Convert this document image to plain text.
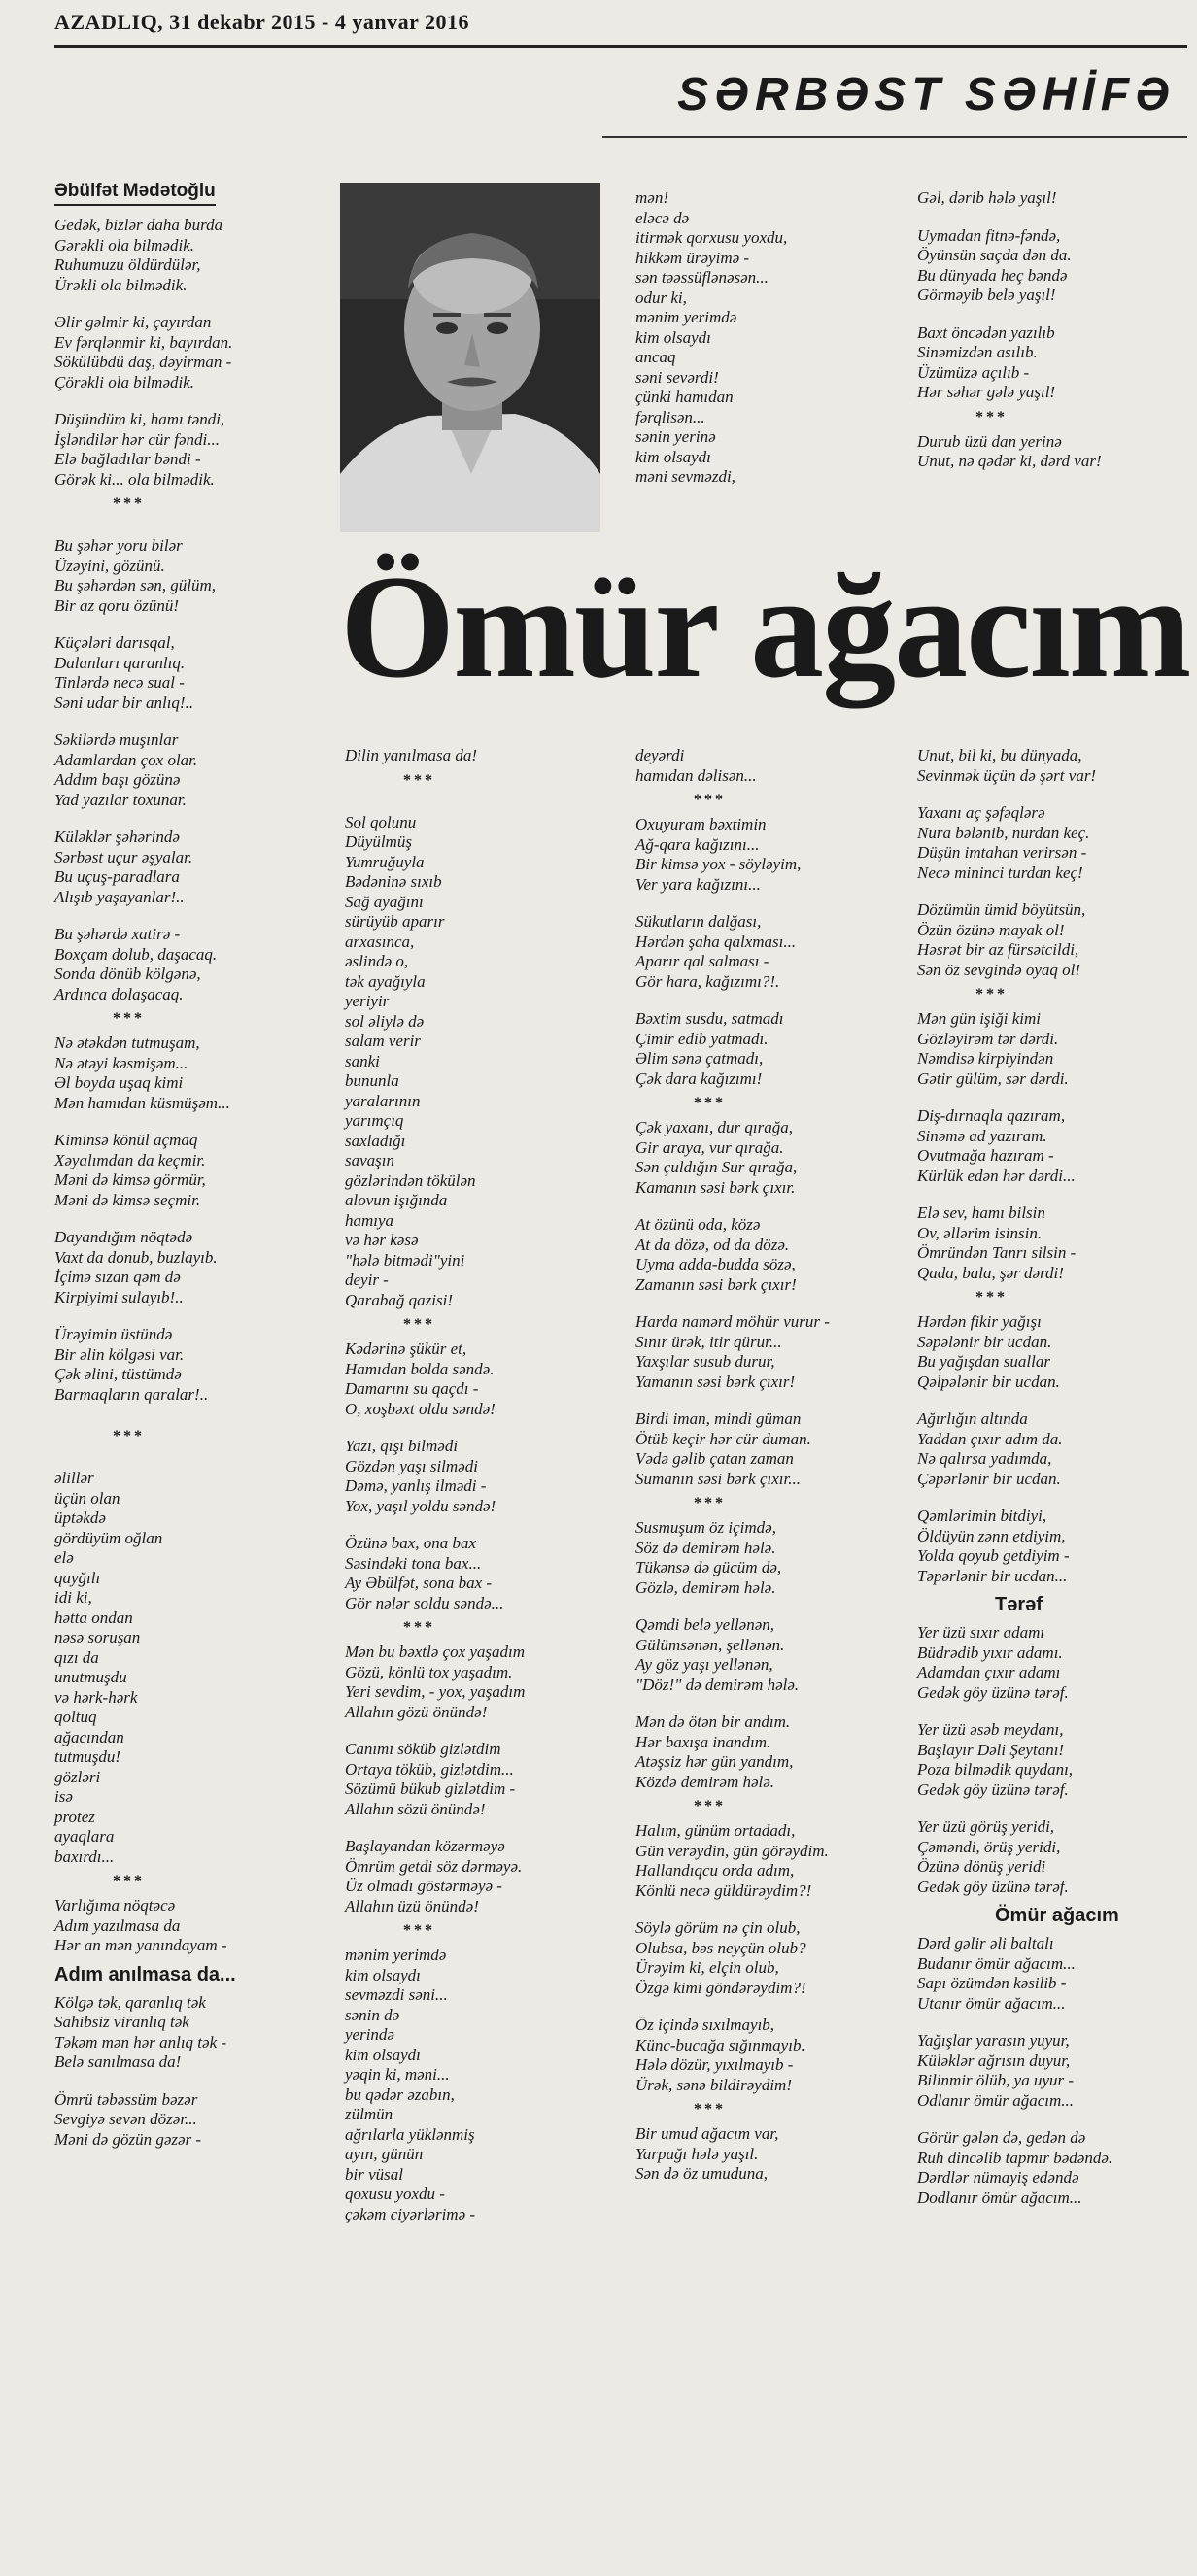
AZADLIQ, 31 dekabr 2015 - 4 yanvar 2016
SƏRBƏST SƏHİFƏ
Əbülfət Mədətoğlu
Ömür ağacım
Gedək, bizlər daha burda
Gərəkli ola bilmədik.
Ruhumuzu öldürdülər,
Ürəkli ola bilmədik.
Əlir gəlmir ki, çayırdan
Ev fərqlənmir ki, bayırdan.
Sökülübdü daş, dəyirman -
Çörəkli ola bilmədik.
Düşündüm ki, hamı təndi,
İşləndilər hər cür fəndi...
Elə bağladılar bəndi -
Görək ki... ola bilmədik.
***
Bu şəhər yoru bilər
Üzəyini, gözünü.
Bu şəhərdən sən, gülüm,
Bir az qoru özünü!
Küçələri darısqal,
Dalanları qaranlıq.
Tinlərdə necə sual -
Səni udar bir anlıq!..
Səkilərdə muşınlar
Adamlardan çox olar.
Addım başı gözünə
Yad yazılar toxunar.
Küləklər şəhərində
Sərbəst uçur əşyalar.
Bu uçuş-paradlara
Alışıb yaşayanlar!..
Bu şəhərdə xatirə -
Boxçam dolub, daşacaq.
Sonda dönüb kölgənə,
Ardınca dolaşacaq.
***
Nə ətəkdən tutmuşam,
Nə ətəyi kəsmişəm...
Əl boyda uşaq kimi
Mən hamıdan küsmüşəm...
Kiminsə könül açmaq
Xəyalımdan da keçmir.
Məni də kimsə görmür,
Məni də kimsə seçmir.
Dayandığım nöqtədə
Vaxt da donub, buzlayıb.
İçimə sızan qəm də
Kirpiyimi sulayıb!..
Ürəyimin üstündə
Bir əlin kölgəsi var.
Çək əlini, tüstümdə
Barmaqların qaralar!..
***
əlillər
üçün olan
üptəkdə
gördüyüm oğlan
elə
qayğılı
idi ki,
hətta ondan
nəsə soruşan
qızı da
unutmuşdu
və hərk-hərk
qoltuq
ağacından
tutmuşdu!
gözləri
isə
protez
ayaqlara
baxırdı...
***
Varlığıma nöqtəcə
Adım yazılmasa da
Hər an mən yanındayam -
Adım anılmasa da...
Kölgə tək, qaranlıq tək
Sahibsiz viranlıq tək
Təkəm mən hər anlıq tək -
Belə sanılmasa da!
Ömrü təbəssüm bəzər
Sevgiyə sevən dözər...
Məni də gözün gəzər -
mən!
eləcə də
itirmək qorxusu yoxdu,
hikkəm ürəyimə -
sən təəssüflənəsən...
odur ki,
mənim yerimdə
kim olsaydı
ancaq
səni sevərdi!
çünki hamıdan
fərqlisən...
sənin yerinə
kim olsaydı
məni sevməzdi,
Gəl, dərib hələ yaşıl!
Uymadan fitnə-fəndə,
Öyünsün saçda dən da.
Bu dünyada heç bəndə
Görməyib belə yaşıl!
Baxt öncədən yazılıb
Sinəmizdən asılıb.
Üzümüzə açılıb -
Hər səhər gələ yaşıl!
***
Durub üzü dan yerinə
Unut, nə qədər ki, dərd var!
Dilin yanılmasa da!
***
Sol qolunu
Düyülmüş
Yumruğuyla
Bədəninə sıxıb
Sağ ayağını
sürüyüb aparır
arxasınca,
əslində o,
tək ayağıyla
yeriyir
sol əliylə də
salam verir
sanki
bununla
yaralarının
yarımçıq
saxladığı
savaşın
gözlərindən tökülən
alovun işığında
hamıya
və hər kəsə
"hələ bitmədi"yini
deyir -
Qarabağ qazisi!
***
Kədərinə şükür et,
Hamıdan bolda səndə.
Damarını su qaçdı -
O, xoşbəxt oldu səndə!
Yazı, qışı bilmədi
Gözdən yaşı silmədi
Dəmə, yanlış ilmədi -
Yox, yaşıl yoldu səndə!
Özünə bax, ona bax
Səsindəki tona bax...
Ay Əbülfət, sona bax -
Gör nələr soldu səndə...
***
Mən bu bəxtlə çox yaşadım
Gözü, könlü tox yaşadım.
Yeri sevdim, - yox, yaşadım
Allahın gözü önündə!
Canımı söküb gizlətdim
Ortaya töküb, gizlətdim...
Sözümü bükub gizlətdim -
Allahın sözü önündə!
Başlayandan közərməyə
Ömrüm getdi söz dərməyə.
Üz olmadı göstərməyə -
Allahın üzü önündə!
***
mənim yerimdə
kim olsaydı
sevməzdi səni...
sənin də
yerində
kim olsaydı
yəqin ki, məni...
bu qədər əzabın,
zülmün
ağrılarla yüklənmiş
ayın, günün
bir vüsal
qoxusu yoxdu -
çəkəm ciyərlərimə -
deyərdi
hamıdan dəlisən...
***
Oxuyuram bəxtimin
Ağ-qara kağızını...
Bir kimsə yox - söyləyim,
Ver yara kağızını...
Sükutların dalğası,
Hərdən şaha qalxması...
Aparır qal salması -
Gör hara, kağızımı?!.
Bəxtim susdu, satmadı
Çimir edib yatmadı.
Əlim sənə çatmadı,
Çək dara kağızımı!
***
Çək yaxanı, dur qırağa,
Gir araya, vur qırağa.
Sən çuldığın Sur qırağa,
Kamanın səsi bərk çıxır.
At özünü oda, közə
At da dözə, od da dözə.
Uyma adda-budda sözə,
Zamanın səsi bərk çıxır!
Harda namərd möhür vurur -
Sınır ürək, itir qürur...
Yaxşılar susub durur,
Yamanın səsi bərk çıxır!
Birdi iman, mindi güman
Ötüb keçir hər cür duman.
Vədə gəlib çatan zaman
Sumanın səsi bərk çıxır...
***
Susmuşum öz içimdə,
Söz də demirəm hələ.
Tükənsə də gücüm də,
Gözlə, demirəm hələ.
Qəmdi belə yellənən,
Gülümsənən, şellənən.
Ay göz yaşı yellənən,
"Döz!" də demirəm hələ.
Mən də ötən bir andım.
Hər baxışa inandım.
Atəşsiz hər gün yandım,
Közdə demirəm hələ.
***
Halım, günüm ortadadı,
Gün verəydin, gün görəydim.
Hallandıqcu orda adım,
Könlü necə güldürəydim?!
Söylə görüm nə çin olub,
Olubsa, bəs neyçün olub?
Ürəyim ki, elçin olub,
Özgə kimi göndərəydim?!
Öz içində sıxılmayıb,
Künc-bucağa sığınmayıb.
Hələ dözür, yıxılmayıb -
Ürək, sənə bildirəydim!
***
Bir umud ağacım var,
Yarpağı hələ yaşıl.
Sən də öz umuduna,
Unut, bil ki, bu dünyada,
Sevinmək üçün də şərt var!
Yaxanı aç şəfəqlərə
Nura bələnib, nurdan keç.
Düşün imtahan verirsən -
Necə mininci turdan keç!
Dözümün ümid böyütsün,
Özün özünə mayak ol!
Həsrət bir az fürsətcildi,
Sən öz sevgində oyaq ol!
***
Mən gün işiği kimi
Gözləyirəm tər dərdi.
Nəmdisə kirpiyindən
Gətir gülüm, sər dərdi.
Diş-dırnaqla qazıram,
Sinəmə ad yazıram.
Ovutmağa hazıram -
Kürlük edən hər dərdi...
Elə sev, hamı bilsin
Ov, əllərim isinsin.
Ömründən Tanrı silsin -
Qada, bala, şər dərdi!
***
Hərdən fikir yağışı
Səpələnir bir ucdan.
Bu yağışdan suallar
Qəlpələnir bir ucdan.
Ağırlığın altında
Yaddan çıxır adım da.
Nə qalırsa yadımda,
Çəpərlənir bir ucdan.
Qəmlərimin bitdiyi,
Öldüyün zənn etdiyim,
Yolda qoyub getdiyim -
Təpərlənir bir ucdan...
Tərəf
Yer üzü sıxır adamı
Büdrədib yıxır adamı.
Adamdan çıxır adamı
Gedək göy üzünə tərəf.
Yer üzü əsəb meydanı,
Başlayır Dəli Şeytanı!
Poza bilmədik quydanı,
Gedək göy üzünə tərəf.
Yer üzü görüş yeridi,
Çəməndi, örüş yeridi,
Özünə dönüş yeridi
Gedək göy üzünə tərəf.
Ömür ağacım
Dərd gəlir əli baltalı
Budanır ömür ağacım...
Sapı özümdən kəsilib -
Utanır ömür ağacım...
Yağışlar yarasın yuyur,
Küləklər ağrısın duyur,
Bilinmir ölüb, ya uyur -
Odlanır ömür ağacım...
Görür gələn də, gedən də
Ruh dincəlib tapmır bədəndə.
Dərdlər nümayiş edəndə
Dodlanır ömür ağacım...
